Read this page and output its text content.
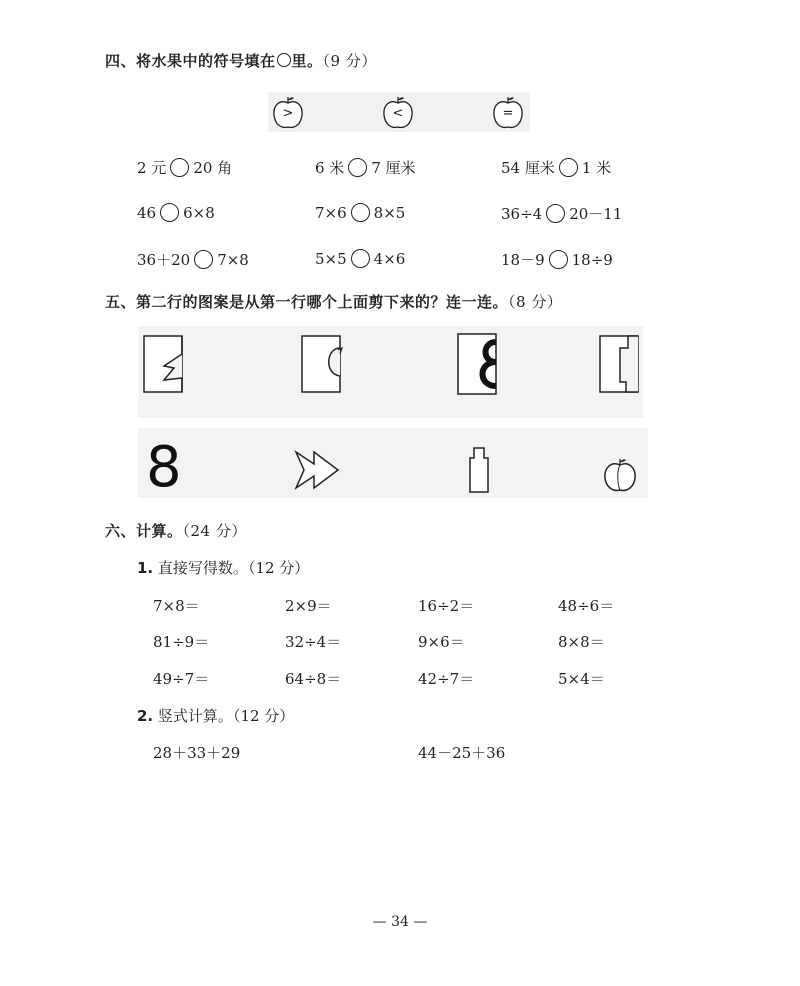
四、将水果中的符号填在 里。（9 分）
>	<	=
2 元 20 角	6 米 7 厘米	54 厘米 1 米
46 6×8	7×6 8×5	36÷4 20－11
36＋20 7×8	5×5 4×6	18－9 18÷9
五、第二行的图案是从第一行哪个上面剪下来的？连一连。（8 分）
8
六、计算。（24 分）
1. 直接写得数。（12 分）
7×8＝	2×9＝	16÷2＝	48÷6＝
81÷9＝	32÷4＝	9×6＝	8×8＝
49÷7＝	64÷8＝	42÷7＝	5×4＝
2. 竖式计算。（12 分）
28＋33＋29	44－25＋36
— 34 —
